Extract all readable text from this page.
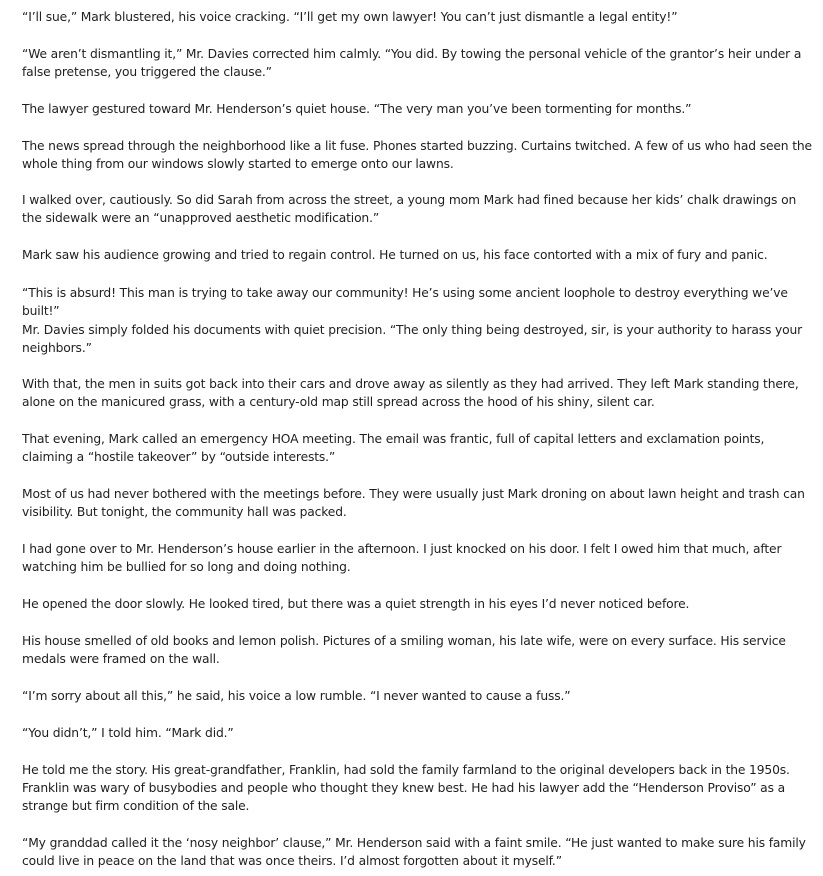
“I’ll sue,” Mark blustered, his voice cracking. “I’ll get my own lawyer! You can’t just dismantle a legal entity!”

“We aren’t dismantling it,” Mr. Davies corrected him calmly. “You did. By towing the personal vehicle of the grantor’s heir under a false pretense, you triggered the clause.”

The lawyer gestured toward Mr. Henderson’s quiet house. “The very man you’ve been tormenting for months.”

The news spread through the neighborhood like a lit fuse. Phones started buzzing. Curtains twitched. A few of us who had seen the whole thing from our windows slowly started to emerge onto our lawns.

I walked over, cautiously. So did Sarah from across the street, a young mom Mark had fined because her kids’ chalk drawings on the sidewalk were an “unapproved aesthetic modification.”

Mark saw his audience growing and tried to regain control. He turned on us, his face contorted with a mix of fury and panic.

“This is absurd! This man is trying to take away our community! He’s using some ancient loophole to destroy everything we’ve built!”

Mr. Davies simply folded his documents with quiet precision. “The only thing being destroyed, sir, is your authority to harass your neighbors.”

With that, the men in suits got back into their cars and drove away as silently as they had arrived. They left Mark standing there, alone on the manicured grass, with a century-old map still spread across the hood of his shiny, silent car.

That evening, Mark called an emergency HOA meeting. The email was frantic, full of capital letters and exclamation points, claiming a “hostile takeover” by “outside interests.”

Most of us had never bothered with the meetings before. They were usually just Mark droning on about lawn height and trash can visibility. But tonight, the community hall was packed.

I had gone over to Mr. Henderson’s house earlier in the afternoon. I just knocked on his door. I felt I owed him that much, after watching him be bullied for so long and doing nothing.

He opened the door slowly. He looked tired, but there was a quiet strength in his eyes I’d never noticed before.

His house smelled of old books and lemon polish. Pictures of a smiling woman, his late wife, were on every surface. His service medals were framed on the wall.

“I’m sorry about all this,” he said, his voice a low rumble. “I never wanted to cause a fuss.”

“You didn’t,” I told him. “Mark did.”

He told me the story. His great-grandfather, Franklin, had sold the family farmland to the original developers back in the 1950s. Franklin was wary of busybodies and people who thought they knew best. He had his lawyer add the “Henderson Proviso” as a strange but firm condition of the sale.

“My granddad called it the ‘nosy neighbor’ clause,” Mr. Henderson said with a faint smile. “He just wanted to make sure his family could live in peace on the land that was once theirs. I’d almost forgotten about it myself.”
